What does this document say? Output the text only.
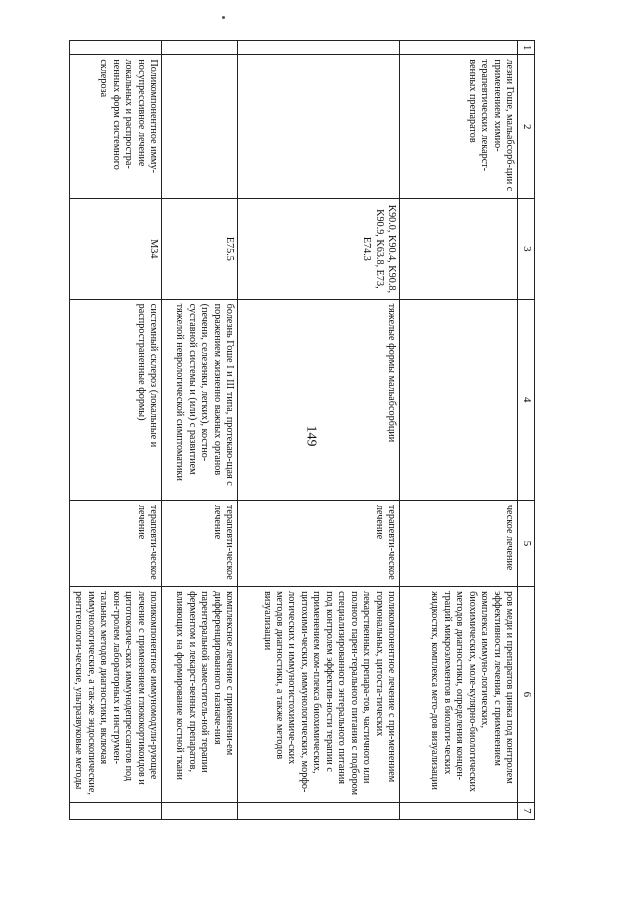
149
1	2	3	4	5	6	7
	лезни Гоше, мальабсорб-ции с применением химио-терапевтических лекарст-венных препаратов			ческое лечение	ров меди и препаратов цинка под контролем эффективности лечения, с применением комплекса иммуно-логических, биохимических, моле-кулярно-биологических методов диагностики, определения концен-траций микроэлементов в биологи-ческих жидкостях, комплекса мето-дов визуализации	
		K90.0, K90.4, K90.8, K90.9, K63.8, E73, E74.3	тяжелые формы мальабсорбции	терапевти-ческое лечение	поликомпонентное лечение с при-менением гормональных, цитоста-тических лекарственных препара-тов, частичного или полного парен-терального питания с подбором специализированного энтерального питания под контролем эффектив-ности терапии с применением ком-плекса биохимических, цитохими-ческих, иммунологических, морфо-логических и иммуногистохимиче-ских методов диагностики, а также методов визуализации	
		E75.5	болезнь Гоше I и III типа, протекаю-щая с поражением жизненно важных органов (печени, селезенки, легких), костно-суставной системы и (или) с развитием тяжелой неврологической симптоматики	терапевти-ческое лечение	комплексное лечение с применени-ем дифференцированного назначе-ния парентеральной заместитель-ной терапии ферментом и лекарст-венных препаратов, влияющих на формирование костной ткани	
	Поликомпонентное имму-носупрессивное лечение локальных и распростра-ненных форм системного склероза	M34	системный склероз (локальные и распространенные формы)	терапевти-ческое лечение	поликомпонентное иммуномодули-рующее лечение с применением глюкокортикоидов и цитотоксиче-ских иммунодепрессантов под кон-тролем лабораторных и инструмен-тальных методов диагностики, включая иммунологические, а так-же эндоскопические, рентгенологи-ческие, ультразвуковые методы	
